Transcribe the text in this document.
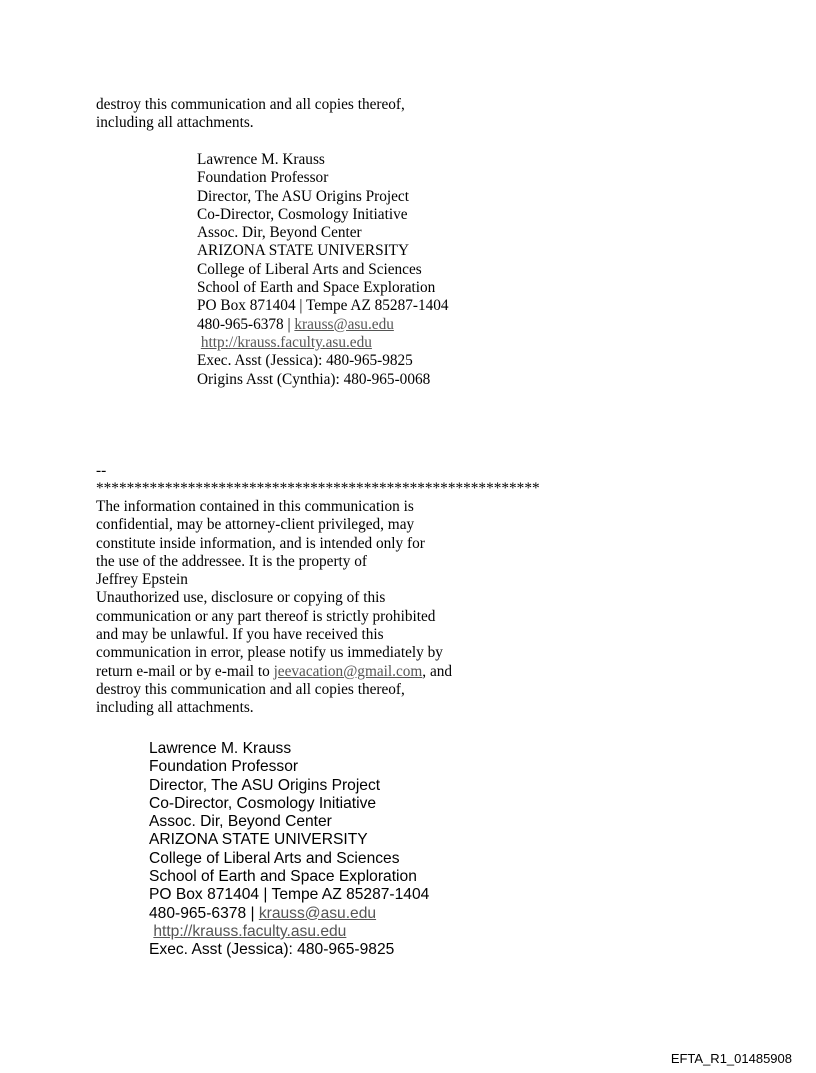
destroy this communication and all copies thereof,
including all attachments.
Lawrence M. Krauss
Foundation Professor
Director, The ASU Origins Project
Co-Director, Cosmology Initiative
Assoc. Dir, Beyond Center
ARIZONA STATE UNIVERSITY
College of Liberal Arts and Sciences
School of Earth and Space Exploration
PO Box 871404 | Tempe AZ 85287-1404
480-965-6378 | krauss@asu.edu
http://krauss.faculty.asu.edu
Exec. Asst (Jessica): 480-965-9825
Origins Asst (Cynthia): 480-965-0068
--
**********************************************************
The information contained in this communication is
confidential, may be attorney-client privileged, may
constitute inside information, and is intended only for
the use of the addressee. It is the property of
Jeffrey Epstein
Unauthorized use, disclosure or copying of this
communication or any part thereof is strictly prohibited
and may be unlawful. If you have received this
communication in error, please notify us immediately by
return e-mail or by e-mail to jeevacation@gmail.com, and
destroy this communication and all copies thereof,
including all attachments.
Lawrence M. Krauss
Foundation Professor
Director, The ASU Origins Project
Co-Director, Cosmology Initiative
Assoc. Dir, Beyond Center
ARIZONA STATE UNIVERSITY
College of Liberal Arts and Sciences
School of Earth and Space Exploration
PO Box 871404 | Tempe AZ 85287-1404
480-965-6378 | krauss@asu.edu
http://krauss.faculty.asu.edu
Exec. Asst (Jessica): 480-965-9825
EFTA_R1_01485908
